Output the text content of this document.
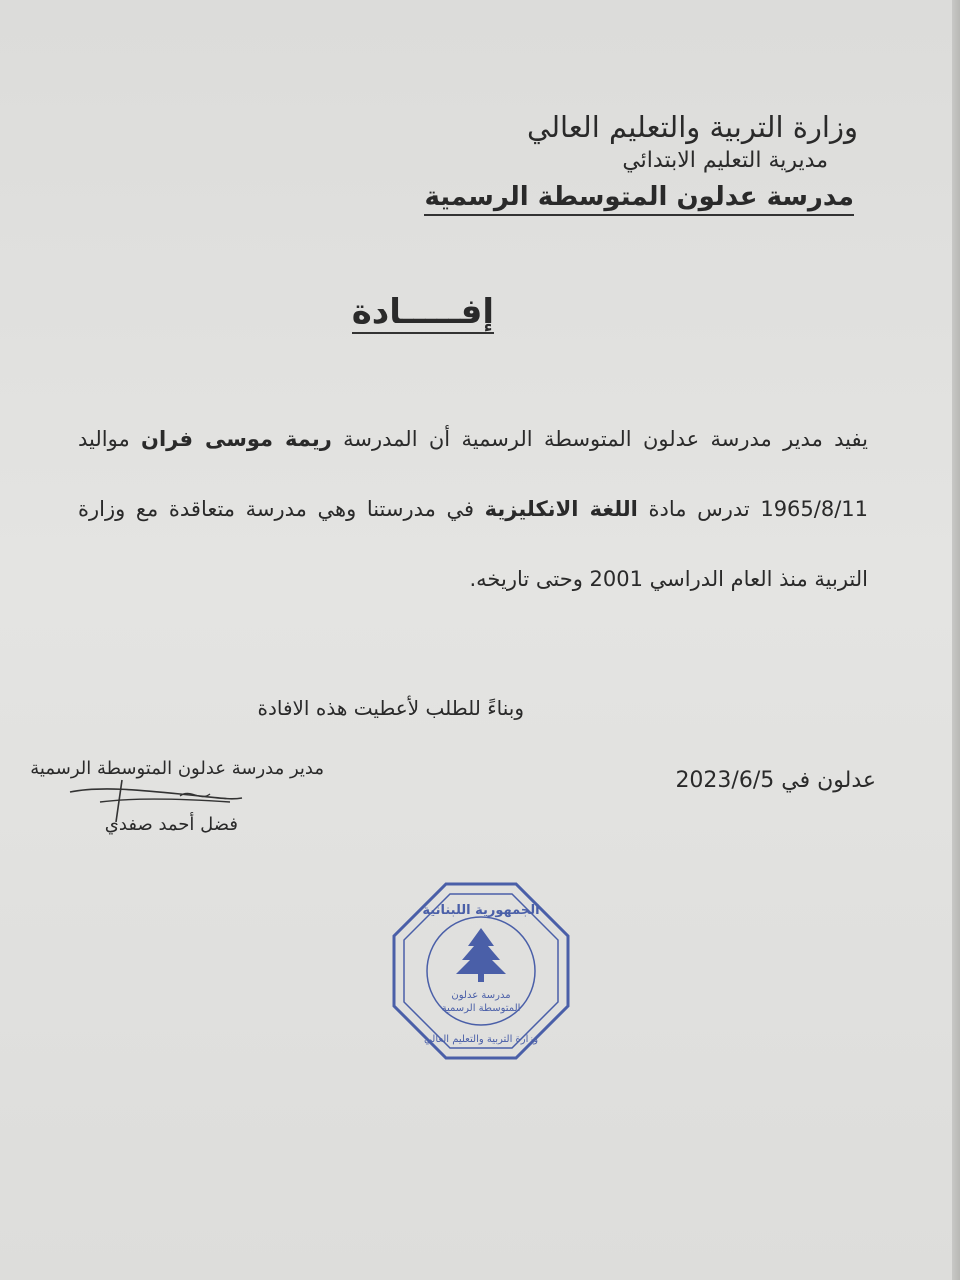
وزارة التربية والتعليم العالي
مديرية التعليم الابتدائي
مدرسة عدلون المتوسطة الرسمية
إفـــــادة
يفيد مدير مدرسة عدلون المتوسطة الرسمية أن المدرسة ريمة موسى فران مواليد 1965/8/11 تدرس مادة اللغة الانكليزية في مدرستنا وهي مدرسة متعاقدة مع وزارة التربية منذ العام الدراسي 2001 وحتى تاريخه.
وبناءً للطلب لأعطيت هذه الافادة
عدلون في 2023/6/5
مدير مدرسة عدلون المتوسطة الرسمية
فضل أحمد صفدي
مدرسة عدلون
المتوسطة الرسمية
الجمهورية اللبنانية
وزارة التربية والتعليم العالي
